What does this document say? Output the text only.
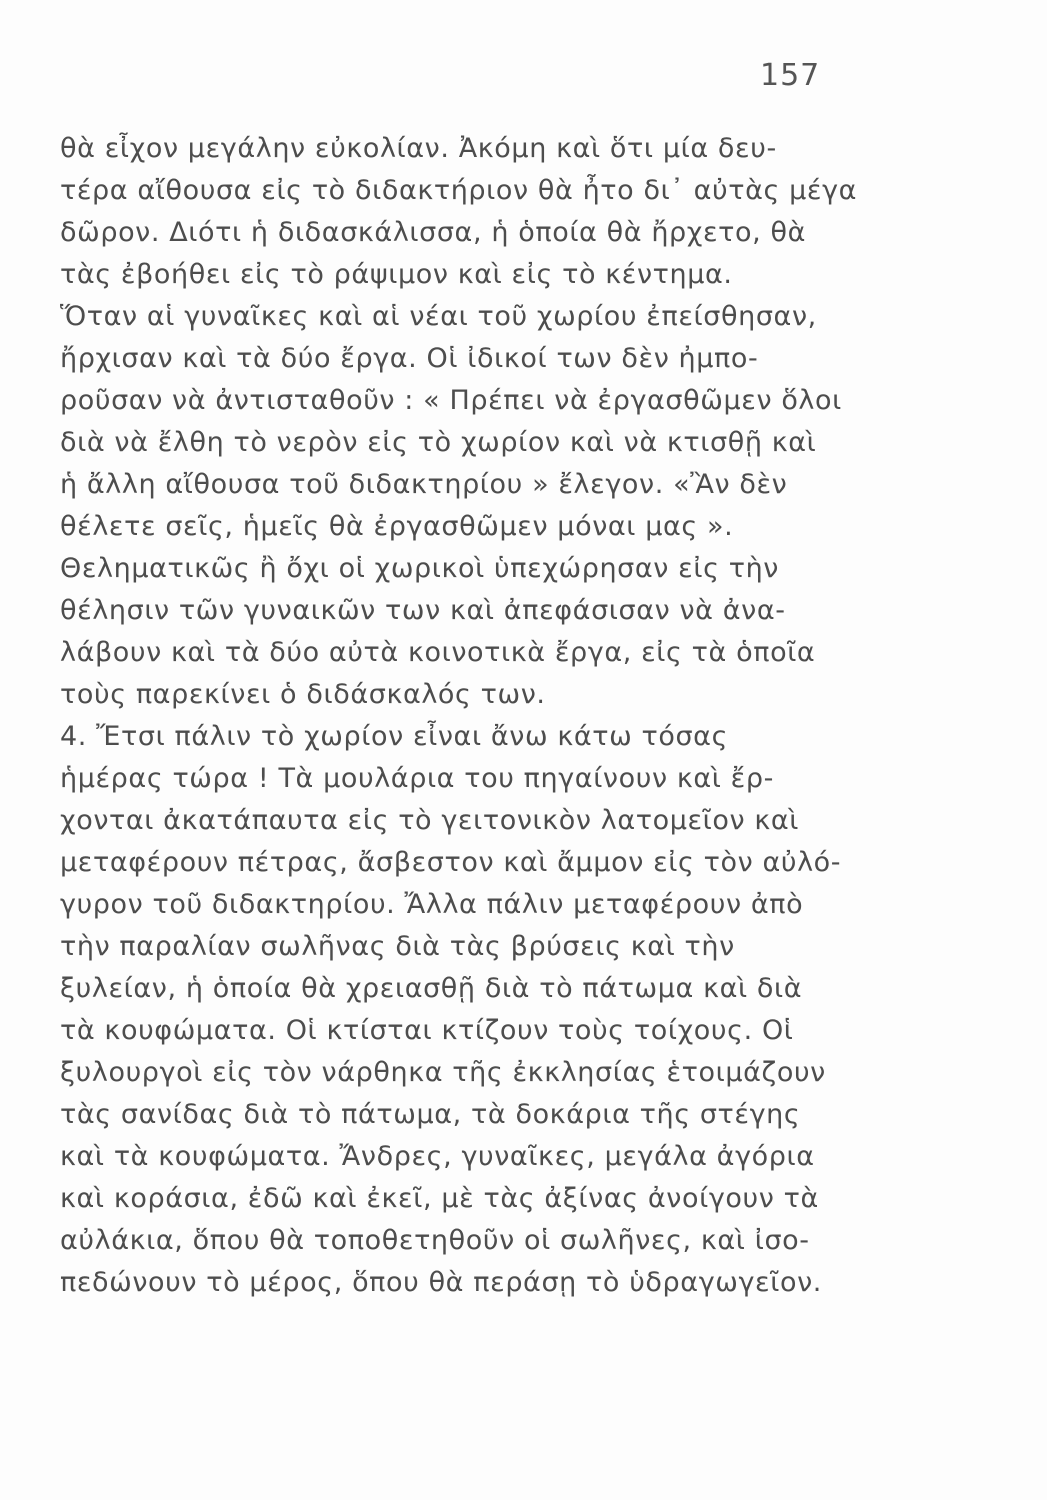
157
θὰ εἶχον μεγάλην εὐκολίαν. Ἀκόμη καὶ ὅτι μία δευ-
τέρα αἴθουσα εἰς τὸ διδακτήριον θὰ ἦτο δι᾽ αὐτὰς μέγα
δῶρον. Διότι ἡ διδασκάλισσα, ἡ ὁποία θὰ ἤρχετο, θὰ
τὰς ἐβοήθει εἰς τὸ ράψιμον καὶ εἰς τὸ κέντημα.
Ὅταν αἱ γυναῖκες καὶ αἱ νέαι τοῦ χωρίου ἐπείσθησαν,
ἤρχισαν καὶ τὰ δύο ἔργα. Οἱ ἰδικοί των δὲν ἠμπο-
ροῦσαν νὰ ἀντισταθοῦν : « Πρέπει νὰ ἐργασθῶμεν ὅλοι
διὰ νὰ ἔλθη τὸ νερὸν εἰς τὸ χωρίον καὶ νὰ κτισθῇ καὶ
ἡ ἄλλη αἴθουσα τοῦ διδακτηρίου » ἔλεγον. «Ἂν δὲν
θέλετε σεῖς, ἡμεῖς θὰ ἐργασθῶμεν μόναι μας ».
Θεληματικῶς ἢ ὄχι οἱ χωρικοὶ ὑπεχώρησαν εἰς τὴν
θέλησιν τῶν γυναικῶν των καὶ ἀπεφάσισαν νὰ ἀνα-
λάβουν καὶ τὰ δύο αὐτὰ κοινοτικὰ ἔργα, εἰς τὰ ὁποῖα
τοὺς παρεκίνει ὁ διδάσκαλός των.
4. Ἔτσι πάλιν τὸ χωρίον εἶναι ἄνω κάτω τόσας
ἡμέρας τώρα ! Τὰ μουλάρια του πηγαίνουν καὶ ἔρ-
χονται ἀκατάπαυτα εἰς τὸ γειτονικὸν λατομεῖον καὶ
μεταφέρουν πέτρας, ἄσβεστον καὶ ἄμμον εἰς τὸν αὐλό-
γυρον τοῦ διδακτηρίου. Ἄλλα πάλιν μεταφέρουν ἀπὸ
τὴν παραλίαν σωλῆνας διὰ τὰς βρύσεις καὶ τὴν
ξυλείαν, ἡ ὁποία θὰ χρειασθῇ διὰ τὸ πάτωμα καὶ διὰ
τὰ κουφώματα. Οἱ κτίσται κτίζουν τοὺς τοίχους. Οἱ
ξυλουργοὶ εἰς τὸν νάρθηκα τῆς ἐκκλησίας ἑτοιμάζουν
τὰς σανίδας διὰ τὸ πάτωμα, τὰ δοκάρια τῆς στέγης
καὶ τὰ κουφώματα. Ἄνδρες, γυναῖκες, μεγάλα ἀγόρια
καὶ κοράσια, ἐδῶ καὶ ἐκεῖ, μὲ τὰς ἀξίνας ἀνοίγουν τὰ
αὐλάκια, ὅπου θὰ τοποθετηθοῦν οἱ σωλῆνες, καὶ ἰσο-
πεδώνουν τὸ μέρος, ὅπου θὰ περάσῃ τὸ ὑδραγωγεῖον.
